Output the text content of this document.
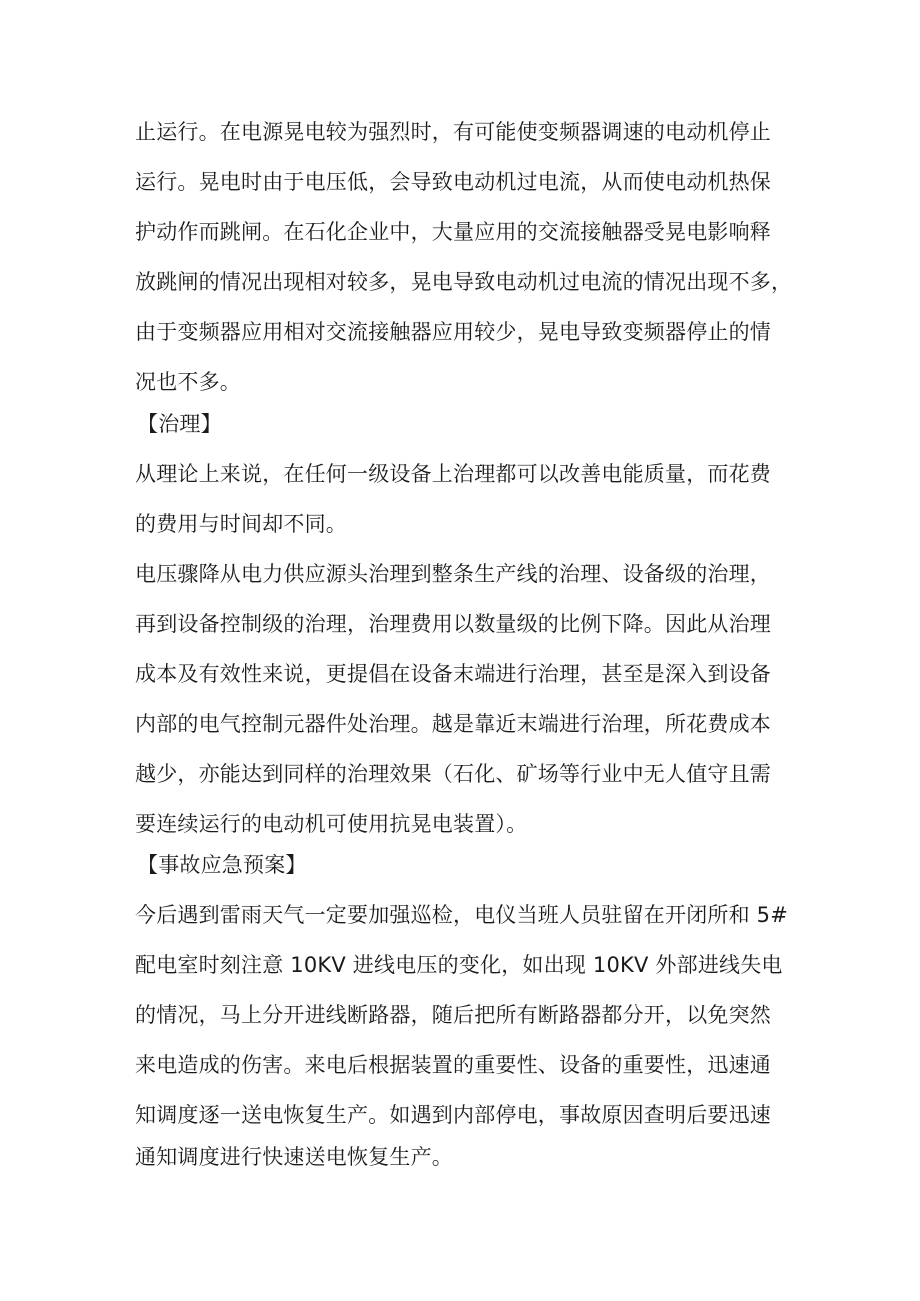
止运行。在电源晃电较为强烈时，有可能使变频器调速的电动机停止
运行。晃电时由于电压低，会导致电动机过电流，从而使电动机热保
护动作而跳闸。在石化企业中，大量应用的交流接触器受晃电影响释
放跳闸的情况出现相对较多，晃电导致电动机过电流的情况出现不多，
由于变频器应用相对交流接触器应用较少，晃电导致变频器停止的情
况也不多。
【治理】
从理论上来说，在任何一级设备上治理都可以改善电能质量，而花费
的费用与时间却不同。
电压骤降从电力供应源头治理到整条生产线的治理、设备级的治理，
再到设备控制级的治理，治理费用以数量级的比例下降。因此从治理
成本及有效性来说，更提倡在设备末端进行治理，甚至是深入到设备
内部的电气控制元器件处治理。越是靠近末端进行治理，所花费成本
越少，亦能达到同样的治理效果（石化、矿场等行业中无人值守且需
要连续运行的电动机可使用抗晃电装置）。
【事故应急预案】
今后遇到雷雨天气一定要加强巡检，电仪当班人员驻留在开闭所和 5#
配电室时刻注意 10KV 进线电压的变化，如出现 10KV 外部进线失电
的情况，马上分开进线断路器，随后把所有断路器都分开，以免突然
来电造成的伤害。来电后根据装置的重要性、设备的重要性，迅速通
知调度逐一送电恢复生产。如遇到内部停电，事故原因查明后要迅速
通知调度进行快速送电恢复生产。
